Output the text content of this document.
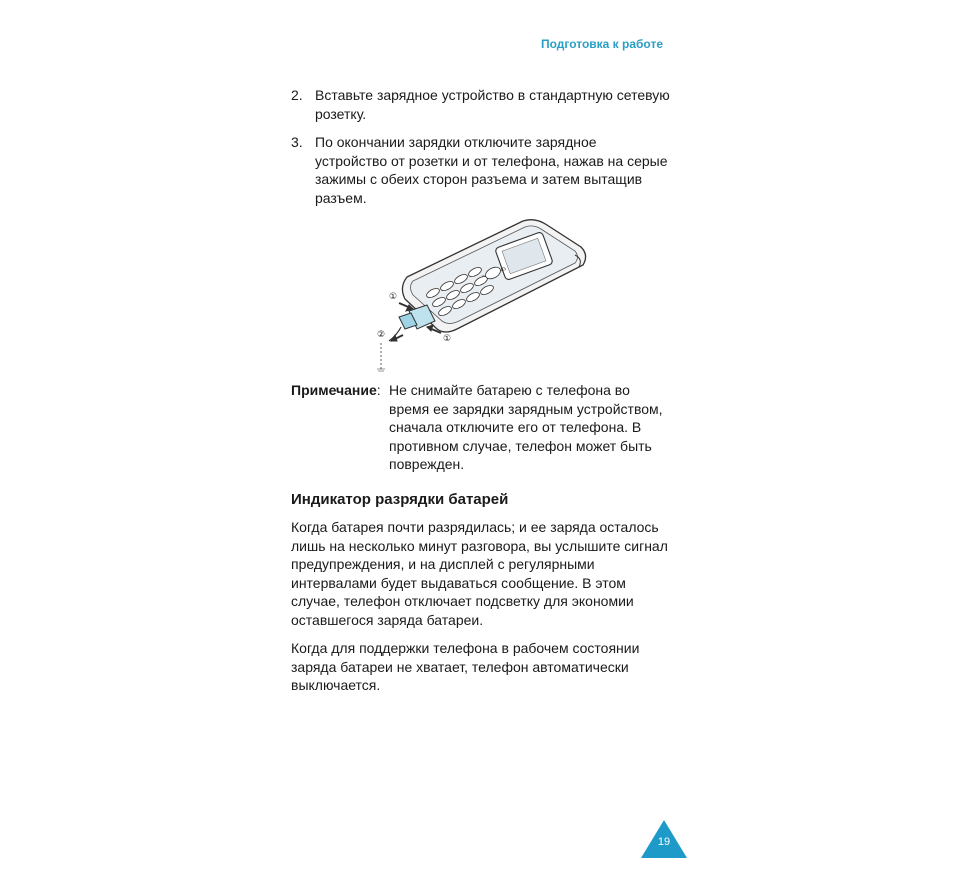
Подготовка к работе
2. Вставьте зарядное устройство в стандартную сетевую розетку.
3. По окончании зарядки отключите зарядное устройство от розетки и от телефона, нажав на серые зажимы с обеих сторон разъема и затем вытащив разъем.
①
②	①
Примечание: Не снимайте батарею с телефона во время ее зарядки зарядным устройством, сначала отключите его от телефона. В противном случае, телефон может быть поврежден.
Индикатор разрядки батарей

Когда батарея почти разрядилась; и ее заряда осталось лишь на несколько минут разговора, вы услышите сигнал предупреждения, и на дисплей с регулярными интервалами будет выдаваться сообщение. В этом случае, телефон отключает подсветку для экономии оставшегося заряда батареи.

Когда для поддержки телефона в рабочем состоянии заряда батареи не хватает, телефон автоматически выключается.

19
